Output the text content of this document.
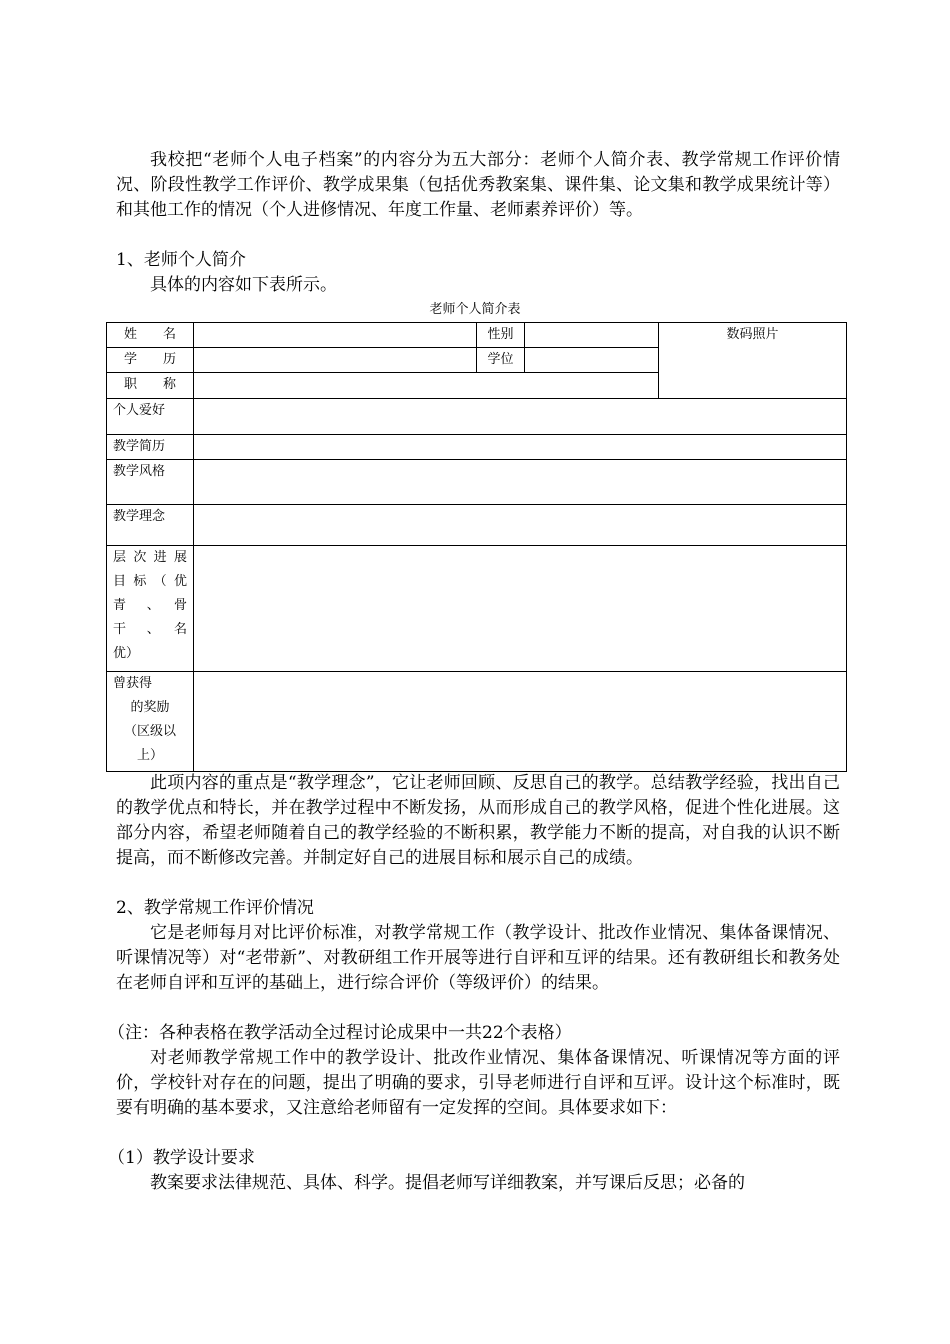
我校把“老师个人电子档案”的内容分为五大部分：老师个人简介表、教学常规工作评价情况、阶段性教学工作评价、教学成果集（包括优秀教案集、课件集、论文集和教学成果统计等）和其他工作的情况（个人进修情况、年度工作量、老师素养评价）等。

1、老师个人简介

具体的内容如下表所示。

老师个人简介表
姓　　名		性别		数码照片
学　　历		学位		
职　　称				
个人爱好				
教学简历				
教学风格				
教学理念				

层次进展
目标（优
青　、　骨
干　、　名
优）				

曾获得
的奖励
（区级以
上）				

此项内容的重点是“教学理念”，它让老师回顾、反思自己的教学。总结教学经验，找出自己的教学优点和特长，并在教学过程中不断发扬，从而形成自己的教学风格，促进个性化进展。这部分内容，希望老师随着自己的教学经验的不断积累，教学能力不断的提高，对自我的认识不断提高，而不断修改完善。并制定好自己的进展目标和展示自己的成绩。

2、教学常规工作评价情况

它是老师每月对比评价标准，对教学常规工作（教学设计、批改作业情况、集体备课情况、听课情况等）对“老带新”、对教研组工作开展等进行自评和互评的结果。还有教研组长和教务处在老师自评和互评的基础上，进行综合评价（等级评价）的结果。

（注：各种表格在教学活动全过程讨论成果中一共22个表格）

对老师教学常规工作中的教学设计、批改作业情况、集体备课情况、听课情况等方面的评价，学校针对存在的问题，提出了明确的要求，引导老师进行自评和互评。设计这个标准时，既要有明确的基本要求，又注意给老师留有一定发挥的空间。具体要求如下：

（1）教学设计要求

教案要求法律规范、具体、科学。提倡老师写详细教案，并写课后反思；必备的
